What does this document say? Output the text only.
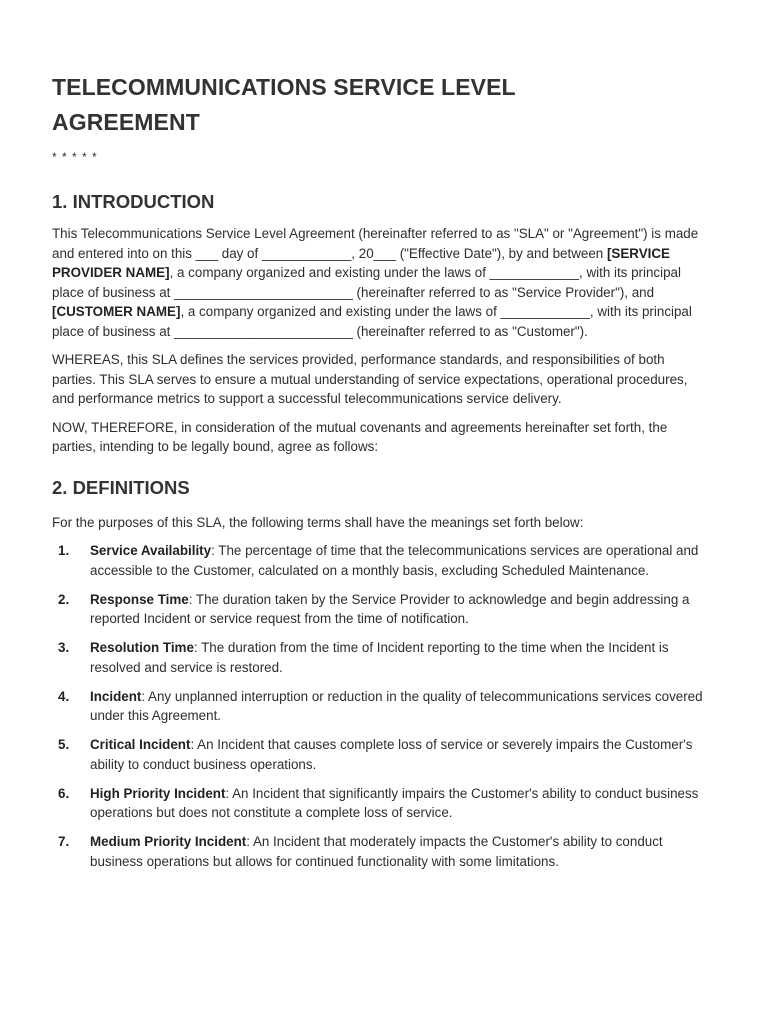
TELECOMMUNICATIONS SERVICE LEVEL
AGREEMENT
* * * * *
1. INTRODUCTION

This Telecommunications Service Level Agreement (hereinafter referred to as "SLA" or "Agreement") is made and entered into on this ___ day of ____________, 20___ ("Effective Date"), by and between [SERVICE PROVIDER NAME], a company organized and existing under the laws of ____________, with its principal place of business at ________________________ (hereinafter referred to as "Service Provider"), and [CUSTOMER NAME], a company organized and existing under the laws of ____________, with its principal place of business at ________________________ (hereinafter referred to as "Customer").

WHEREAS, this SLA defines the services provided, performance standards, and responsibilities of both parties. This SLA serves to ensure a mutual understanding of service expectations, operational procedures, and performance metrics to support a successful telecommunications service delivery.

NOW, THEREFORE, in consideration of the mutual covenants and agreements hereinafter set forth, the parties, intending to be legally bound, agree as follows:

2. DEFINITIONS

For the purposes of this SLA, the following terms shall have the meanings set forth below:

1.	Service Availability: The percentage of time that the telecommunications services are operational and accessible to the Customer, calculated on a monthly basis, excluding Scheduled Maintenance.
2.	Response Time: The duration taken by the Service Provider to acknowledge and begin addressing a reported Incident or service request from the time of notification.
3.	Resolution Time: The duration from the time of Incident reporting to the time when the Incident is resolved and service is restored.
4.	Incident: Any unplanned interruption or reduction in the quality of telecommunications services covered under this Agreement.
5.	Critical Incident: An Incident that causes complete loss of service or severely impairs the Customer's ability to conduct business operations.
6.	High Priority Incident: An Incident that significantly impairs the Customer's ability to conduct business operations but does not constitute a complete loss of service.
7.	Medium Priority Incident: An Incident that moderately impacts the Customer's ability to conduct business operations but allows for continued functionality with some limitations.
